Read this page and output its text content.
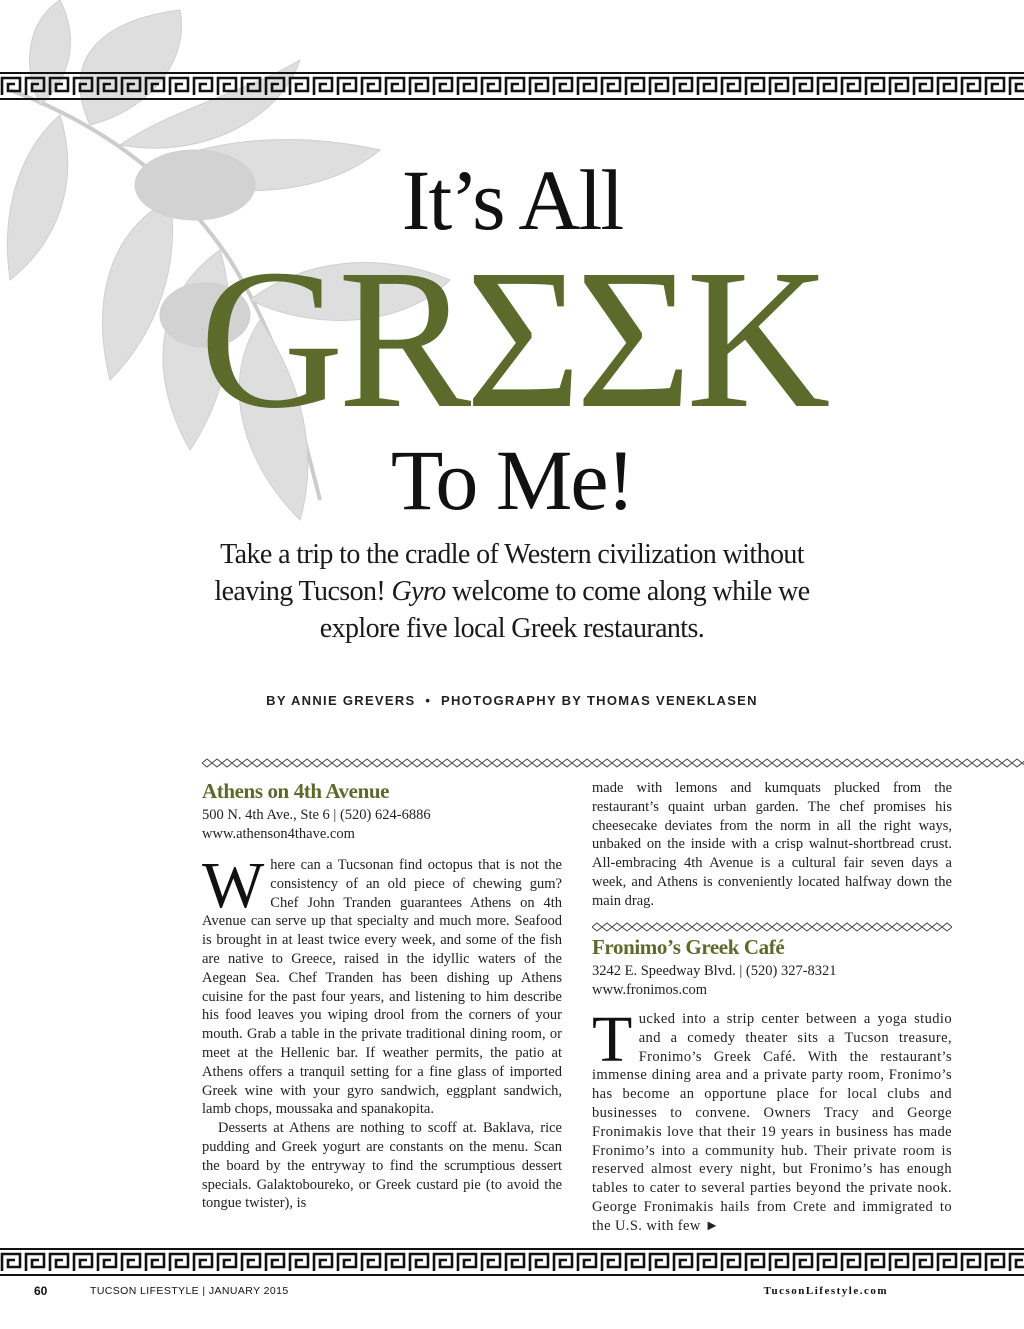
It’s All
GRΣΣK
To Me!
Take a trip to the cradle of Western civilization without leaving Tucson! Gyro welcome to come along while we explore five local Greek restaurants.
BY ANNIE GREVERS  •  PHOTOGRAPHY BY THOMAS VENEKLASEN
Athens on 4th Avenue
500 N. 4th Ave., Ste 6 | (520) 624-6886
www.athenson4thave.com

Where can a Tucsonan find octopus that is not the consistency of an old piece of chewing gum? Chef John Tranden guarantees Athens on 4th Avenue can serve up that specialty and much more. Seafood is brought in at least twice every week, and some of the fish are native to Greece, raised in the idyllic waters of the Aegean Sea. Chef Tranden has been dishing up Athens cuisine for the past four years, and listening to him describe his food leaves you wiping drool from the corners of your mouth. Grab a table in the private traditional dining room, or meet at the Hellenic bar. If weather permits, the patio at Athens offers a tranquil setting for a fine glass of imported Greek wine with your gyro sandwich, eggplant sandwich, lamb chops, moussaka and spanakopita.

Desserts at Athens are nothing to scoff at. Baklava, rice pudding and Greek yogurt are constants on the menu. Scan the board by the entryway to find the scrumptious dessert specials. Galaktoboureko, or Greek custard pie (to avoid the tongue twister), is

made with lemons and kumquats plucked from the restaurant’s quaint urban garden. The chef promises his cheesecake deviates from the norm in all the right ways, unbaked on the inside with a crisp walnut-shortbread crust. All-embracing 4th Avenue is a cultural fair seven days a week, and Athens is conveniently located halfway down the main drag.

Fronimo’s Greek Café
3242 E. Speedway Blvd. | (520) 327-8321
www.fronimos.com

Tucked into a strip center between a yoga studio and a comedy theater sits a Tucson treasure, Fronimo’s Greek Café. With the restaurant’s immense dining area and a private party room, Fronimo’s has become an opportune place for local clubs and businesses to convene. Owners Tracy and George Fronimakis love that their 19 years in business has made Fronimo’s into a community hub. Their private room is reserved almost every night, but Fronimo’s has enough tables to cater to several parties beyond the private nook. George Fronimakis hails from Crete and immigrated to the U.S. with few ►

60	TUCSON LIFESTYLE | JANUARY 2015	TucsonLifestyle.com
